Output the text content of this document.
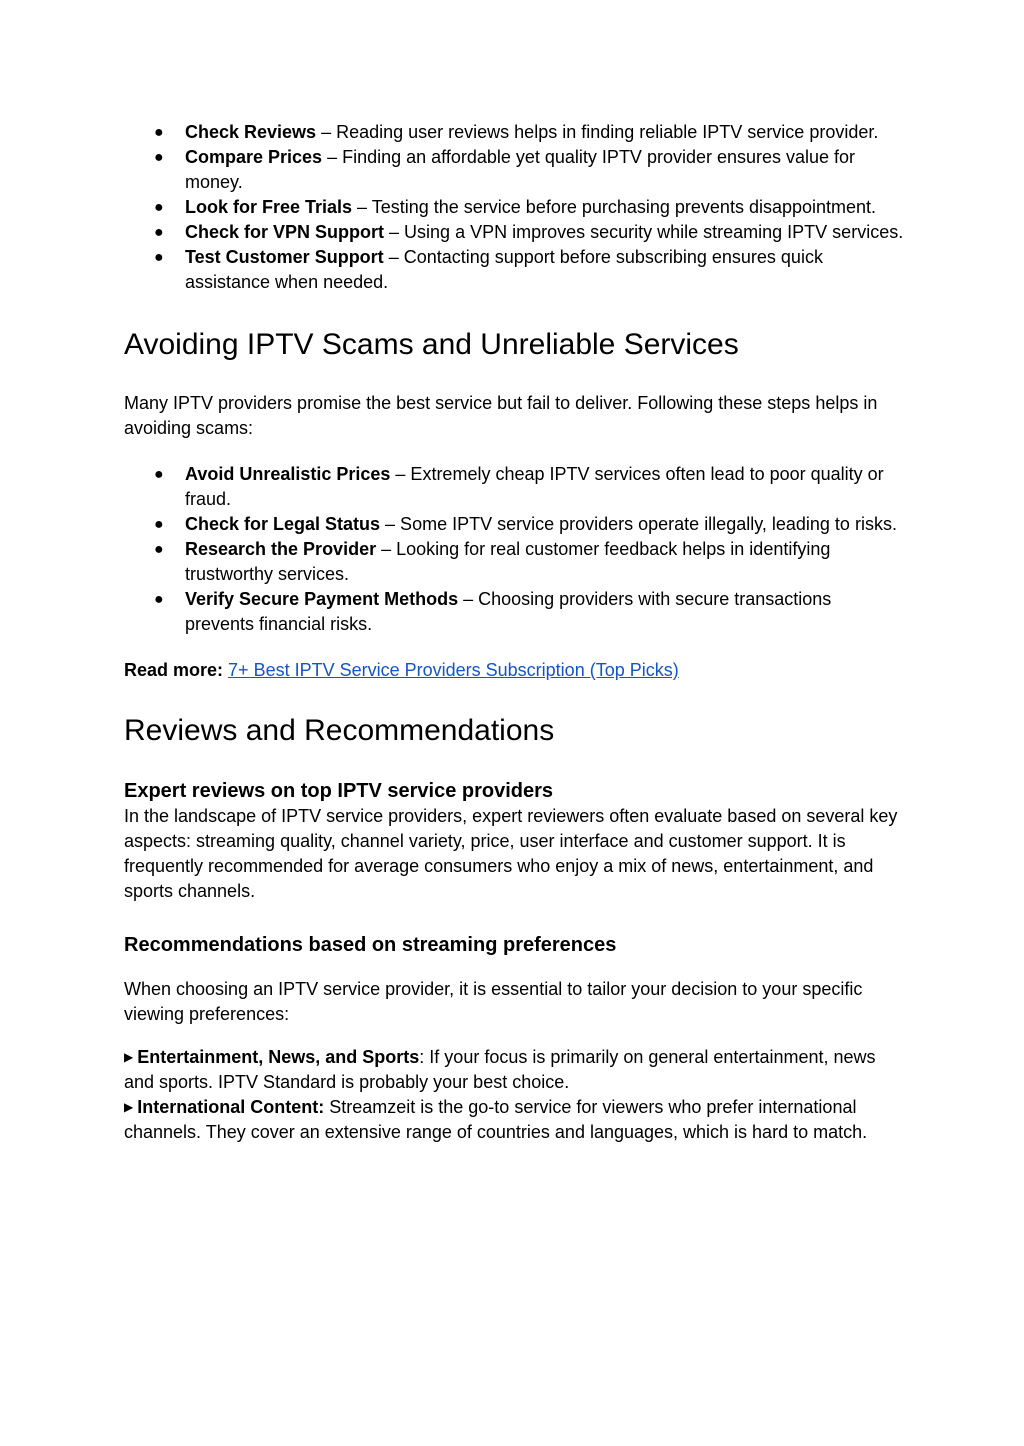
● Check Reviews – Reading user reviews helps in finding reliable IPTV service provider.
● Compare Prices – Finding an affordable yet quality IPTV provider ensures value for money.
● Look for Free Trials – Testing the service before purchasing prevents disappointment.
● Check for VPN Support – Using a VPN improves security while streaming IPTV services.
● Test Customer Support – Contacting support before subscribing ensures quick assistance when needed.
Avoiding IPTV Scams and Unreliable Services

Many IPTV providers promise the best service but fail to deliver. Following these steps helps in avoiding scams:

● Avoid Unrealistic Prices – Extremely cheap IPTV services often lead to poor quality or fraud.
● Check for Legal Status – Some IPTV service providers operate illegally, leading to risks.
● Research the Provider – Looking for real customer feedback helps in identifying trustworthy services.
● Verify Secure Payment Methods – Choosing providers with secure transactions prevents financial risks.

Read more: 7+ Best IPTV Service Providers Subscription (Top Picks)

Reviews and Recommendations
Expert reviews on top IPTV service providers

In the landscape of IPTV service providers, expert reviewers often evaluate based on several key aspects: streaming quality, channel variety, price, user interface and customer support. It is frequently recommended for average consumers who enjoy a mix of news, entertainment, and sports channels.

Recommendations based on streaming preferences

When choosing an IPTV service provider, it is essential to tailor your decision to your specific viewing preferences:

▶ Entertainment, News, and Sports: If your focus is primarily on general entertainment, news and sports. IPTV Standard is probably your best choice.

▶ International Content: Streamzeit is the go-to service for viewers who prefer international channels. They cover an extensive range of countries and languages, which is hard to match.
